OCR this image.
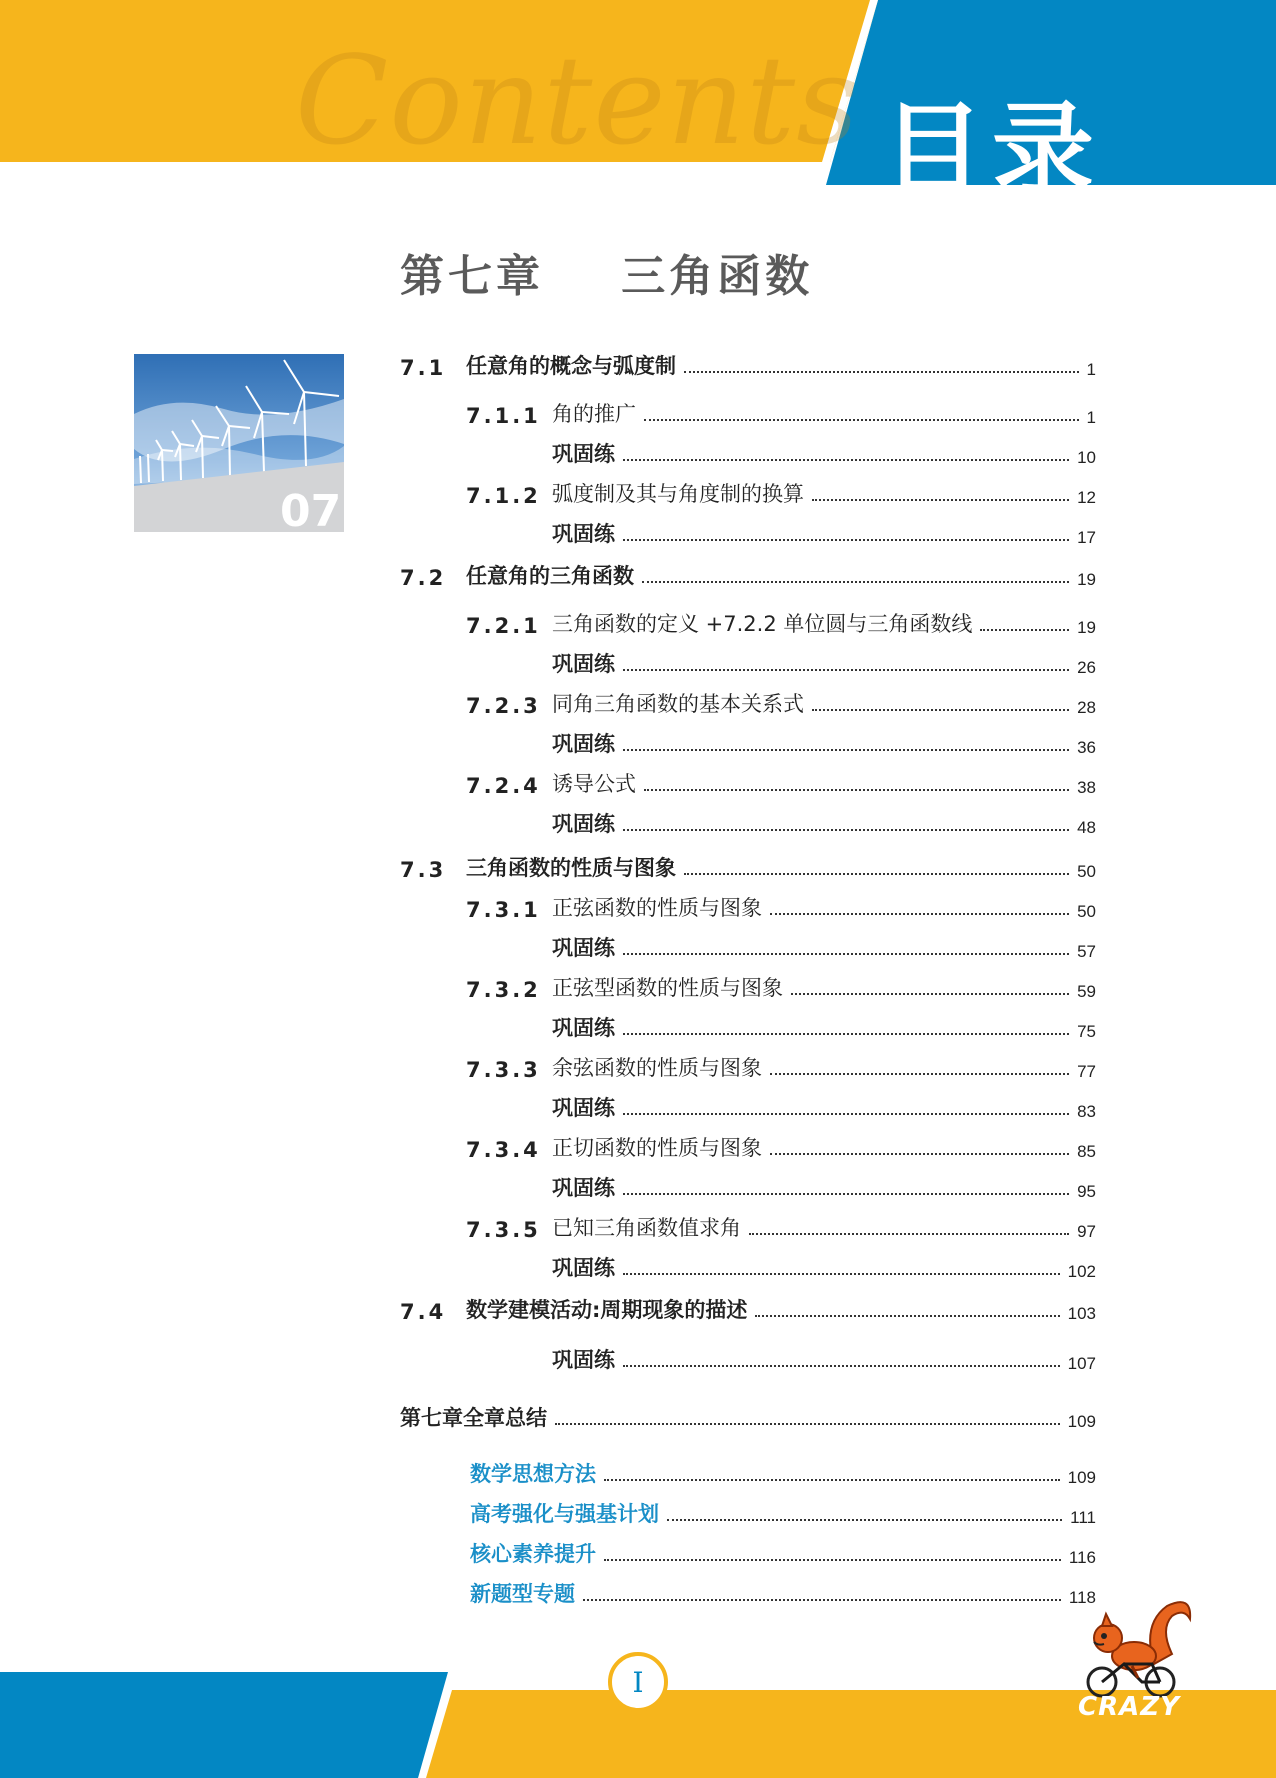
Contents 目录
第七章    三角函数
07
7.1 任意角的概念与弧度制	1
7.1.1 角的推广	1
巩固练	10
7.1.2 弧度制及其与角度制的换算	12
巩固练	17
7.2 任意角的三角函数	19
7.2.1 三角函数的定义 +7.2.2 单位圆与三角函数线	19
巩固练	26
7.2.3 同角三角函数的基本关系式	28
巩固练	36
7.2.4 诱导公式	38
巩固练	48
7.3 三角函数的性质与图象	50
7.3.1 正弦函数的性质与图象	50
巩固练	57
7.3.2 正弦型函数的性质与图象	59
巩固练	75
7.3.3 余弦函数的性质与图象	77
巩固练	83
7.3.4 正切函数的性质与图象	85
巩固练	95
7.3.5 已知三角函数值求角	97
巩固练	102
7.4 数学建模活动:周期现象的描述	103
巩固练	107
第七章全章总结	109
数学思想方法	109
高考强化与强基计划	111
核心素养提升	116
新题型专题	118
I
CRAZY
